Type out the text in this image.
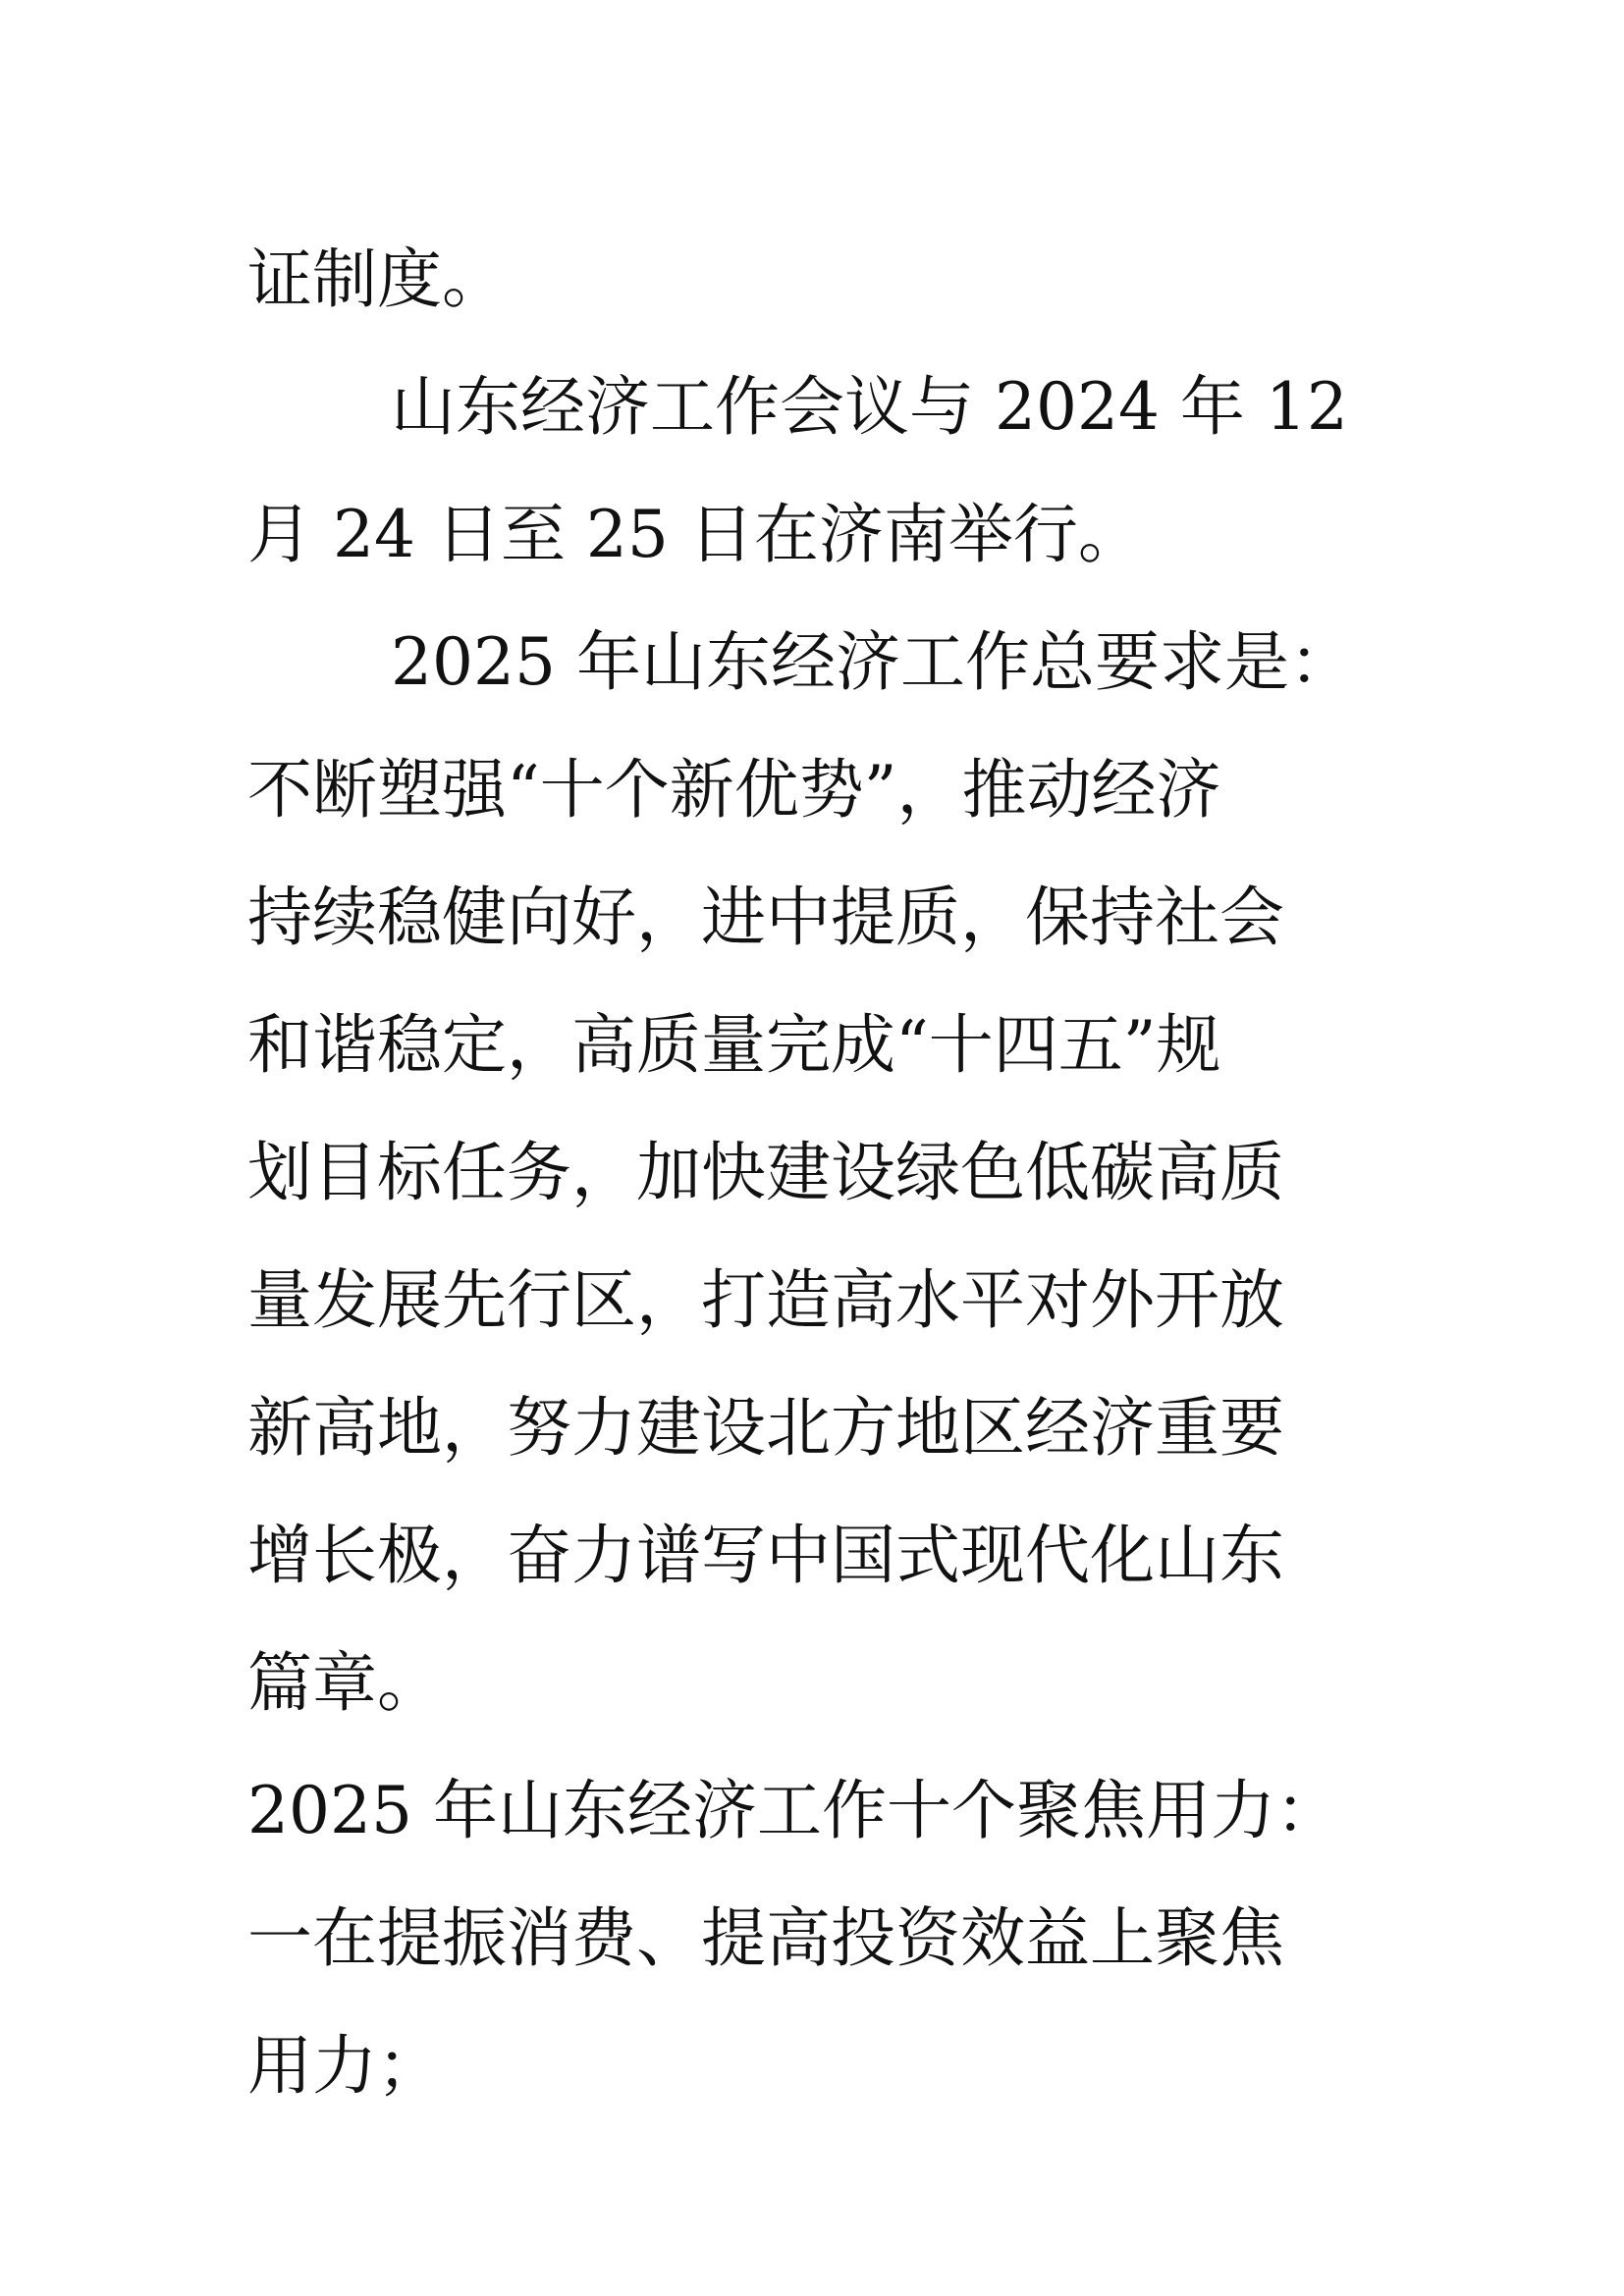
证制度。
山东经济工作会议与 2024 年 12
月 24 日至 25 日在济南举行。
2025 年山东经济工作总要求是：
不断塑强“十个新优势”，推动经济
持续稳健向好，进中提质，保持社会
和谐稳定，高质量完成“十四五”规
划目标任务，加快建设绿色低碳高质
量发展先行区，打造高水平对外开放
新高地，努力建设北方地区经济重要
增长极，奋力谱写中国式现代化山东
篇章。
2025 年山东经济工作十个聚焦用力：
一在提振消费、提高投资效益上聚焦
用力；
